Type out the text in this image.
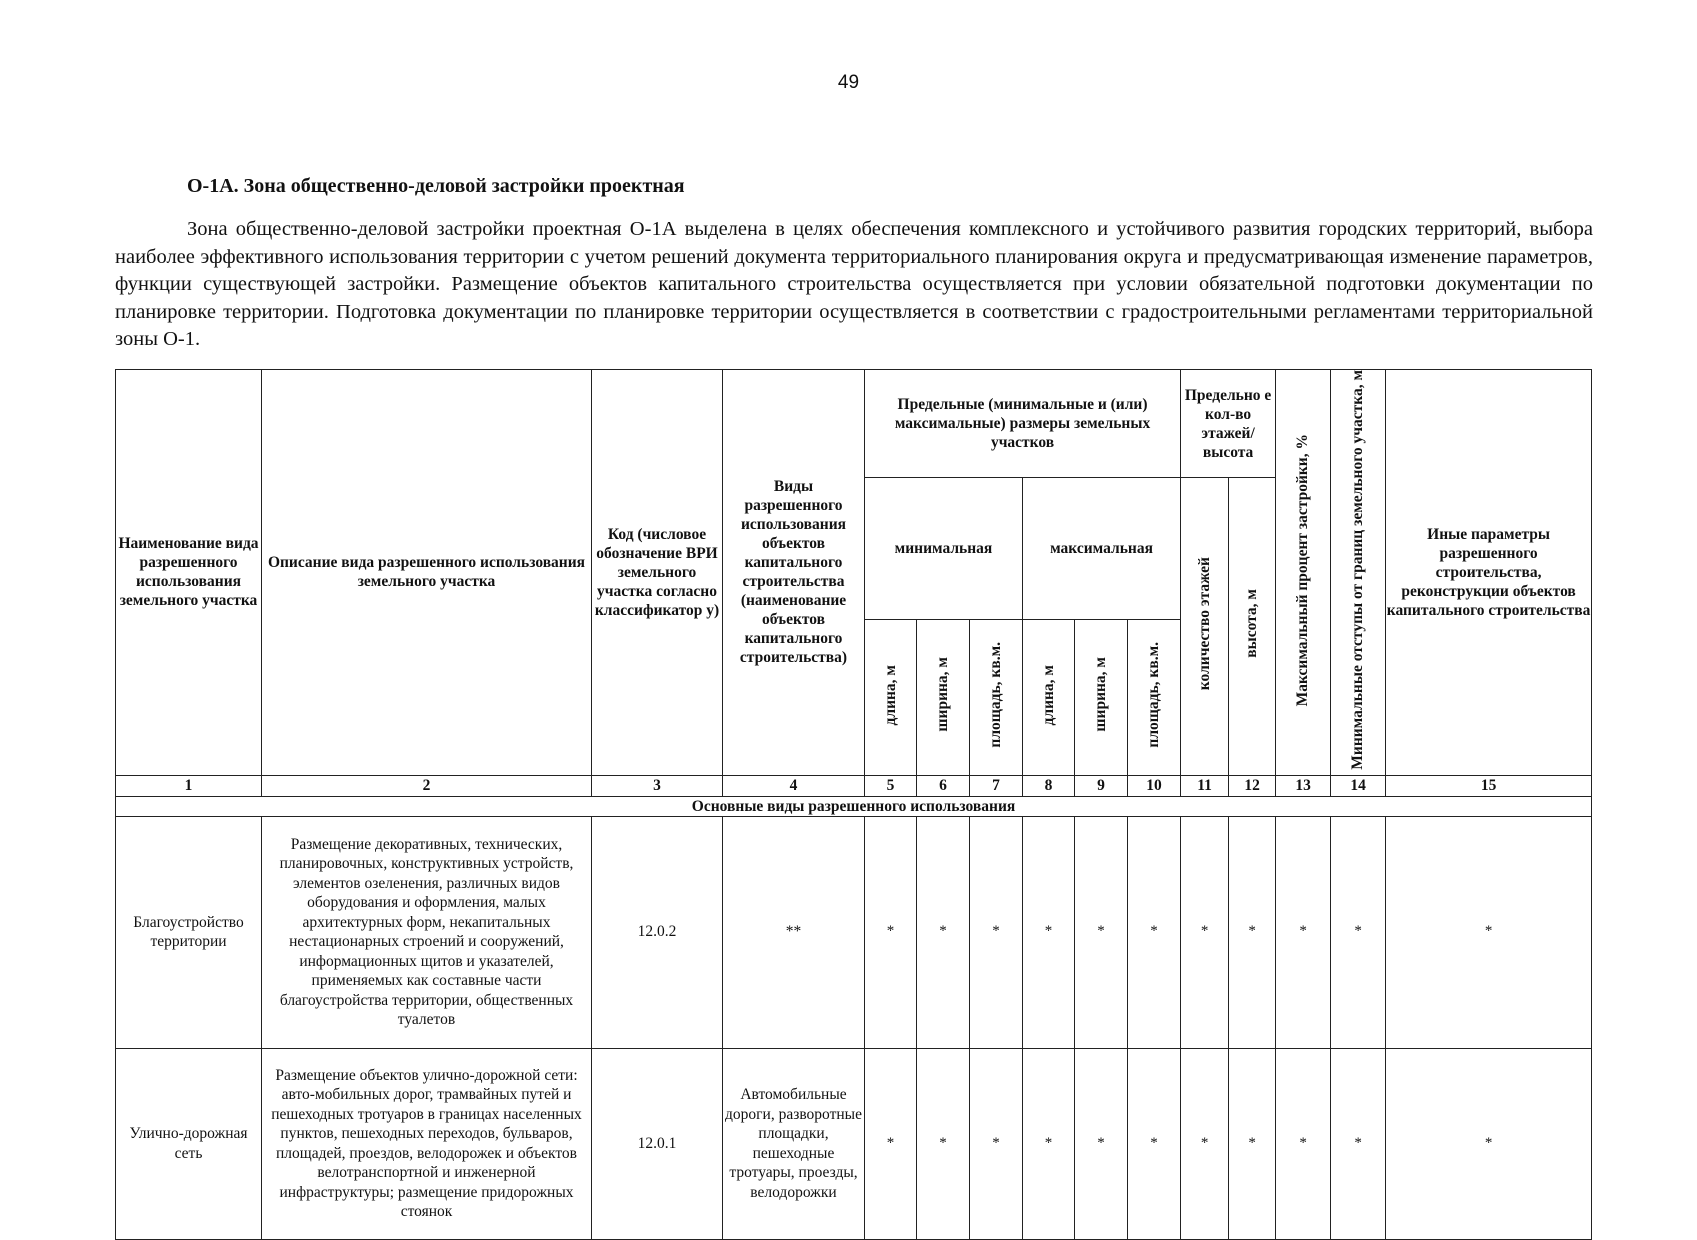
49
О-1А. Зона общественно-деловой застройки проектная

Зона общественно-деловой застройки проектная О-1А выделена в целях обеспечения комплексного и устойчивого развития городских территорий, выбора наиболее эффективного использования территории с учетом решений документа территориального планирования округа и предусматривающая изменение параметров, функции существующей застройки. Размещение объектов капитального строительства осуществляется при условии обязательной подготовки документации по планировке территории. Подготовка документации по планировке территории осуществляется в соответствии с градостроительными регламентами территориальной зоны О-1.

Наименование вида разрешенного использования земельного участка	Описание вида разрешенного использования земельного участка	Код (числовое обозначение ВРИ земельного участка согласно классификатор у)	Виды разрешенного использования объектов капитального строительства (наименование объектов капитального строительства)	Предельные (минимальные и (или) максимальные) размеры земельных участков						Предельно е кол-во этажей/ высота		Максимальный процент застройки, %	Минимальные отступы от границ земельного участка, м	Иные параметры разрешенного строительства, реконструкции объектов капитального строительства
				минимальная			максимальная			количество этажей	высота, м			
				длина, м	ширина, м	площадь, кв.м.	длина, м	ширина, м	площадь, кв.м.					
1	2	3	4	5	6	7	8	9	10	11	12	13	14	15
Основные виды разрешенного использования														
Благоустройство территории	Размещение декоративных, технических, планировочных, конструктивных устройств, элементов озеленения, различных видов оборудования и оформления, малых архитектурных форм, некапитальных нестационарных строений и сооружений, информационных щитов и указателей, применяемых как составные части благоустройства территории, общественных туалетов	12.0.2	**	*	*	*	*	*	*	*	*	*	*	*
Улично-дорожная сеть	Размещение объектов улично-дорожной сети: авто-мобильных дорог, трамвайных путей и пешеходных тротуаров в границах населенных пунктов, пешеходных переходов, бульваров, площадей, проездов, велодорожек и объектов велотранспортной и инженерной инфраструктуры; размещение придорожных стоянок	12.0.1	Автомобильные дороги, разворотные площадки, пешеходные тротуары, проезды, велодорожки	*	*	*	*	*	*	*	*	*	*	*
